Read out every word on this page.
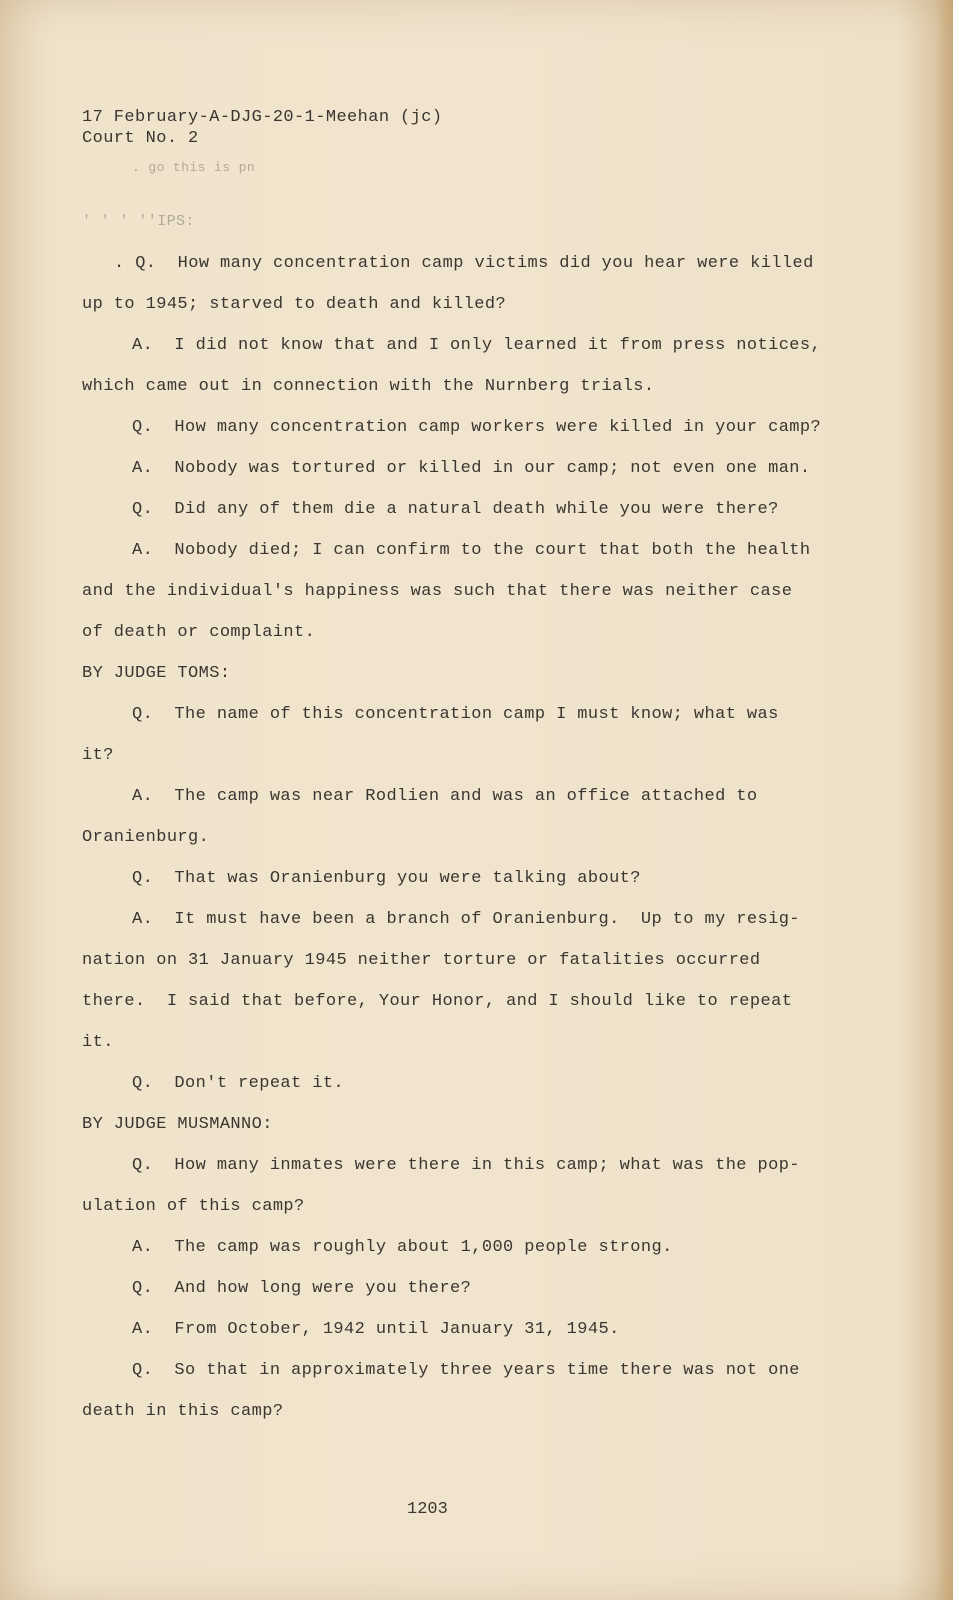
17 February-A-DJG-20-1-Meehan (jc)
Court No. 2
. go this is pn
' ' ' ''IPS:
. Q.  How many concentration camp victims did you hear were killed
up to 1945; starved to death and killed?
A.  I did not know that and I only learned it from press notices,
which came out in connection with the Nurnberg trials.
Q.  How many concentration camp workers were killed in your camp?
A.  Nobody was tortured or killed in our camp; not even one man.
Q.  Did any of them die a natural death while you were there?
A.  Nobody died; I can confirm to the court that both the health
and the individual's happiness was such that there was neither case
of death or complaint.
BY JUDGE TOMS:
Q.  The name of this concentration camp I must know; what was
it?
A.  The camp was near Rodlien and was an office attached to
Oranienburg.
Q.  That was Oranienburg you were talking about?
A.  It must have been a branch of Oranienburg.  Up to my resig-
nation on 31 January 1945 neither torture or fatalities occurred
there.  I said that before, Your Honor, and I should like to repeat
it.
Q.  Don't repeat it.
BY JUDGE MUSMANNO:
Q.  How many inmates were there in this camp; what was the pop-
ulation of this camp?
A.  The camp was roughly about 1,000 people strong.
Q.  And how long were you there?
A.  From October, 1942 until January 31, 1945.
Q.  So that in approximately three years time there was not one
death in this camp?
1203
